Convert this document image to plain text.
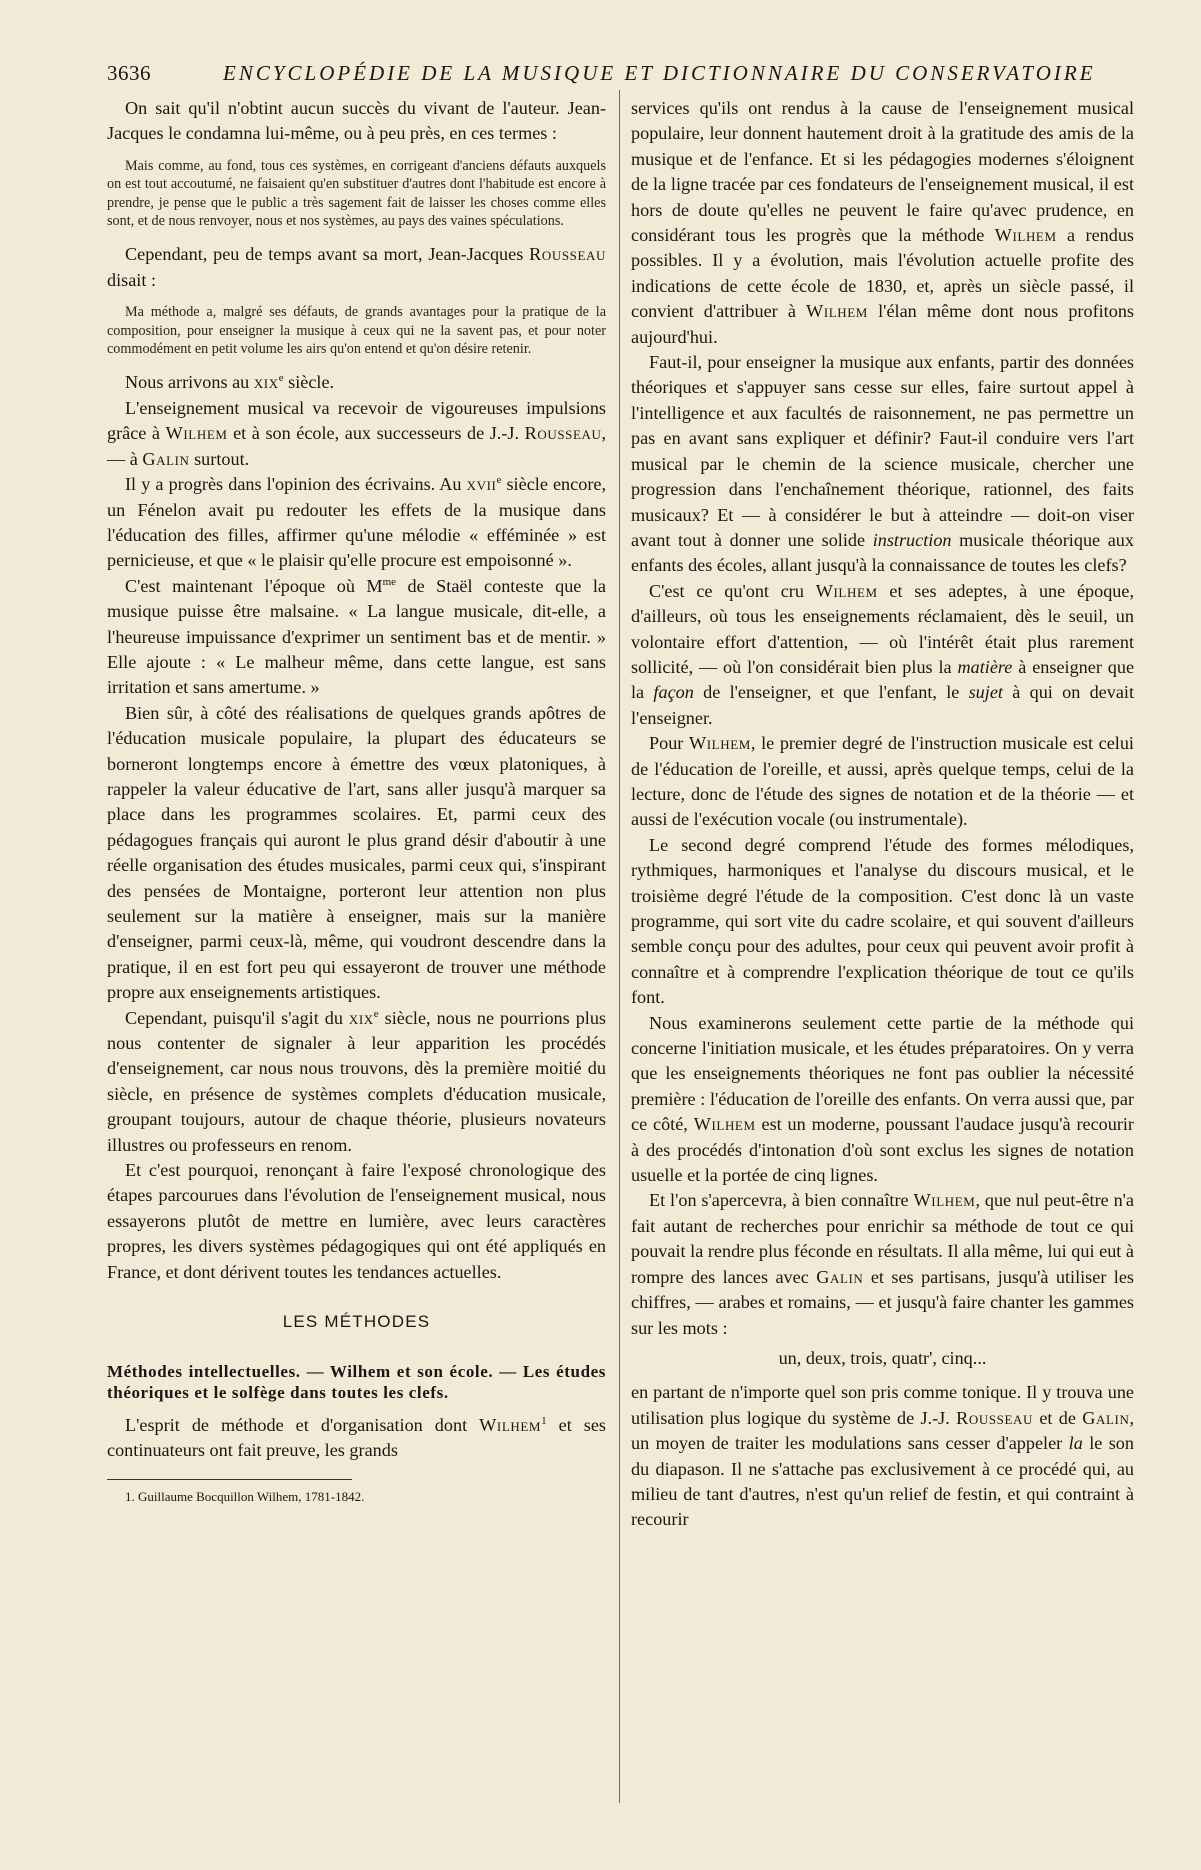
3636	ENCYCLOPÉDIE DE LA MUSIQUE ET DICTIONNAIRE DU CONSERVATOIRE

On sait qu'il n'obtint aucun succès du vivant de l'auteur. Jean-Jacques le condamna lui-même, ou à peu près, en ces termes :

Mais comme, au fond, tous ces systèmes, en corrigeant d'anciens défauts auxquels on est tout accoutumé, ne faisaient qu'en substituer d'autres dont l'habitude est encore à prendre, je pense que le public a très sagement fait de laisser les choses comme elles sont, et de nous renvoyer, nous et nos systèmes, au pays des vaines spéculations.

Cependant, peu de temps avant sa mort, Jean-Jacques Rousseau disait :

Ma méthode a, malgré ses défauts, de grands avantages pour la pratique de la composition, pour enseigner la musique à ceux qui ne la savent pas, et pour noter commodément en petit volume les airs qu'on entend et qu'on désire retenir.

Nous arrivons au xix$^e$ siècle.

L'enseignement musical va recevoir de vigoureuses impulsions grâce à Wilhem et à son école, aux successeurs de J.-J. Rousseau, — à Galin surtout.

Il y a progrès dans l'opinion des écrivains. Au xvii$^e$ siècle encore, un Fénelon avait pu redouter les effets de la musique dans l'éducation des filles, affirmer qu'une mélodie « efféminée » est pernicieuse, et que « le plaisir qu'elle procure est empoisonné ».

C'est maintenant l'époque où $M^{me}$ de Staël conteste que la musique puisse être malsaine. « La langue musicale, dit-elle, a l'heureuse impuissance d'exprimer un sentiment bas et de mentir. » Elle ajoute : « Le malheur même, dans cette langue, est sans irritation et sans amertume. »

Bien sûr, à côté des réalisations de quelques grands apôtres de l'éducation musicale populaire, la plupart des éducateurs se borneront longtemps encore à émettre des vœux platoniques, à rappeler la valeur éducative de l'art, sans aller jusqu'à marquer sa place dans les programmes scolaires. Et, parmi ceux des pédagogues français qui auront le plus grand désir d'aboutir à une réelle organisation des études musicales, parmi ceux qui, s'inspirant des pensées de Montaigne, porteront leur attention non plus seulement sur la matière à enseigner, mais sur la manière d'enseigner, parmi ceux-là, même, qui voudront descendre dans la pratique, il en est fort peu qui essayeront de trouver une méthode propre aux enseignements artistiques.

Cependant, puisqu'il s'agit du xix$^e$ siècle, nous ne pourrions plus nous contenter de signaler à leur apparition les procédés d'enseignement, car nous nous trouvons, dès la première moitié du siècle, en présence de systèmes complets d'éducation musicale, groupant toujours, autour de chaque théorie, plusieurs novateurs illustres ou professeurs en renom.

Et c'est pourquoi, renonçant à faire l'exposé chronologique des étapes parcourues dans l'évolution de l'enseignement musical, nous essayerons plutôt de mettre en lumière, avec leurs caractères propres, les divers systèmes pédagogiques qui ont été appliqués en France, et dont dérivent toutes les tendances actuelles.

LES MÉTHODES

Méthodes intellectuelles. — Wilhem et son école. — Les études théoriques et le solfège dans toutes les clefs.

L'esprit de méthode et d'organisation dont Wilhem$^1$ et ses continuateurs ont fait preuve, les grands

1. Guillaume Bocquillon Wilhem, 1781-1842.

services qu'ils ont rendus à la cause de l'enseignement musical populaire, leur donnent hautement droit à la gratitude des amis de la musique et de l'enfance. Et si les pédagogies modernes s'éloignent de la ligne tracée par ces fondateurs de l'enseignement musical, il est hors de doute qu'elles ne peuvent le faire qu'avec prudence, en considérant tous les progrès que la méthode Wilhem a rendus possibles. Il y a évolution, mais l'évolution actuelle profite des indications de cette école de 1830, et, après un siècle passé, il convient d'attribuer à Wilhem l'élan même dont nous profitons aujourd'hui.

Faut-il, pour enseigner la musique aux enfants, partir des données théoriques et s'appuyer sans cesse sur elles, faire surtout appel à l'intelligence et aux facultés de raisonnement, ne pas permettre un pas en avant sans expliquer et définir? Faut-il conduire vers l'art musical par le chemin de la science musicale, chercher une progression dans l'enchaînement théorique, rationnel, des faits musicaux? Et — à considérer le but à atteindre — doit-on viser avant tout à donner une solide instruction musicale théorique aux enfants des écoles, allant jusqu'à la connaissance de toutes les clefs?

C'est ce qu'ont cru Wilhem et ses adeptes, à une époque, d'ailleurs, où tous les enseignements réclamaient, dès le seuil, un volontaire effort d'attention, — où l'intérêt était plus rarement sollicité, — où l'on considérait bien plus la matière à enseigner que la façon de l'enseigner, et que l'enfant, le sujet à qui on devait l'enseigner.

Pour Wilhem, le premier degré de l'instruction musicale est celui de l'éducation de l'oreille, et aussi, après quelque temps, celui de la lecture, donc de l'étude des signes de notation et de la théorie — et aussi de l'exécution vocale (ou instrumentale).

Le second degré comprend l'étude des formes mélodiques, rythmiques, harmoniques et l'analyse du discours musical, et le troisième degré l'étude de la composition. C'est donc là un vaste programme, qui sort vite du cadre scolaire, et qui souvent d'ailleurs semble conçu pour des adultes, pour ceux qui peuvent avoir profit à connaître et à comprendre l'explication théorique de tout ce qu'ils font.

Nous examinerons seulement cette partie de la méthode qui concerne l'initiation musicale, et les études préparatoires. On y verra que les enseignements théoriques ne font pas oublier la nécessité première : l'éducation de l'oreille des enfants. On verra aussi que, par ce côté, Wilhem est un moderne, poussant l'audace jusqu'à recourir à des procédés d'intonation d'où sont exclus les signes de notation usuelle et la portée de cinq lignes.

Et l'on s'apercevra, à bien connaître Wilhem, que nul peut-être n'a fait autant de recherches pour enrichir sa méthode de tout ce qui pouvait la rendre plus féconde en résultats. Il alla même, lui qui eut à rompre des lances avec Galin et ses partisans, jusqu'à utiliser les chiffres, — arabes et romains, — et jusqu'à faire chanter les gammes sur les mots :

un, deux, trois, quatr', cinq...

en partant de n'importe quel son pris comme tonique. Il y trouva une utilisation plus logique du système de J.-J. Rousseau et de Galin, un moyen de traiter les modulations sans cesser d'appeler la le son du diapason. Il ne s'attache pas exclusivement à ce procédé qui, au milieu de tant d'autres, n'est qu'un relief de festin, et qui contraint à recourir
